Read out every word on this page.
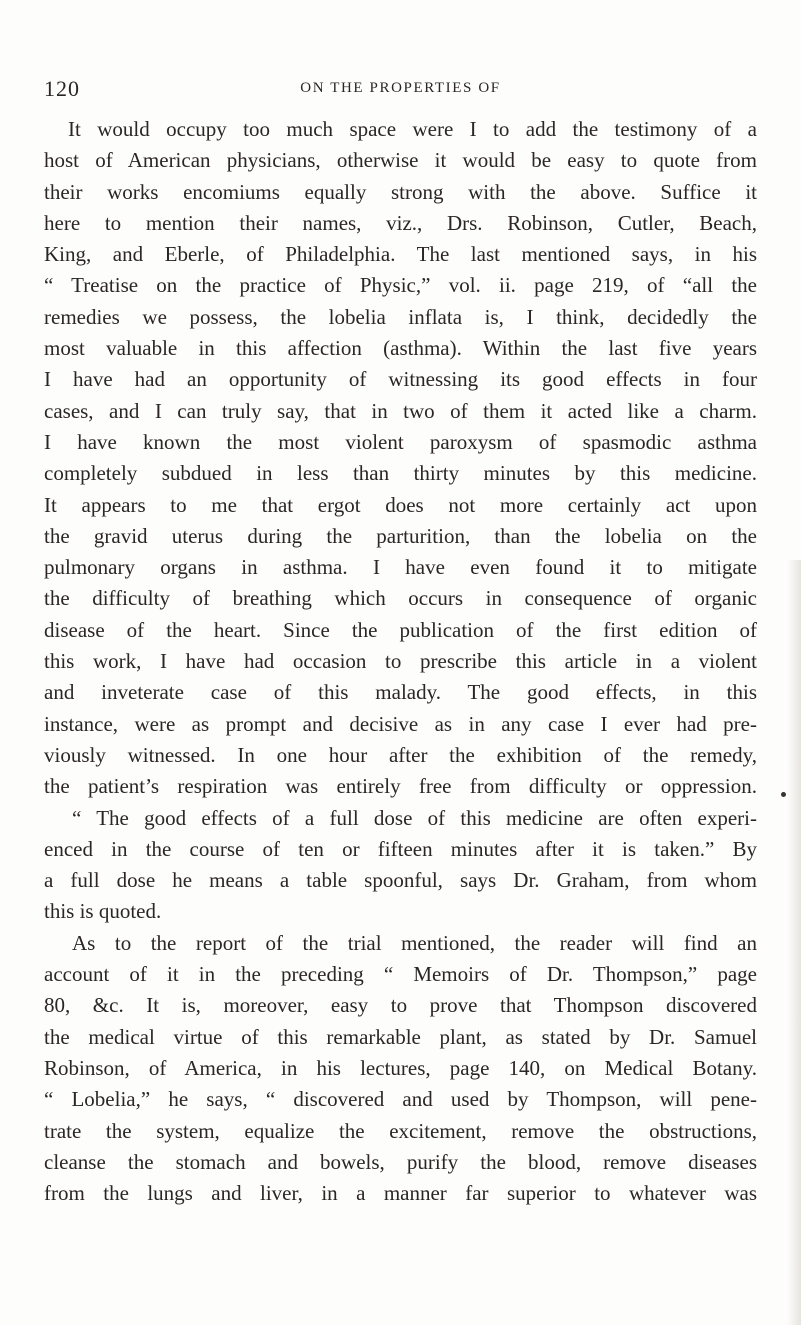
120	ON THE PROPERTIES OF
It would occupy too much space were I to add the testimony of a
host of American physicians, otherwise it would be easy to quote from
their works encomiums equally strong with the above. Suffice it
here to mention their names, viz., Drs. Robinson, Cutler, Beach,
King, and Eberle, of Philadelphia. The last mentioned says, in his
“ Treatise on the practice of Physic,” vol. ii. page 219, of “all the
remedies we possess, the lobelia inflata is, I think, decidedly the
most valuable in this affection (asthma). Within the last five years
I have had an opportunity of witnessing its good effects in four
cases, and I can truly say, that in two of them it acted like a charm.
I have known the most violent paroxysm of spasmodic asthma
completely subdued in less than thirty minutes by this medicine.
It appears to me that ergot does not more certainly act upon
the gravid uterus during the parturition, than the lobelia on the
pulmonary organs in asthma. I have even found it to mitigate
the difficulty of breathing which occurs in consequence of organic
disease of the heart. Since the publication of the first edition of
this work, I have had occasion to prescribe this article in a violent
and inveterate case of this malady. The good effects, in this
instance, were as prompt and decisive as in any case I ever had pre-
viously witnessed. In one hour after the exhibition of the remedy,
the patient’s respiration was entirely free from difficulty or oppression.
“ The good effects of a full dose of this medicine are often experi-
enced in the course of ten or fifteen minutes after it is taken.” By
a full dose he means a table spoonful, says Dr. Graham, from whom
this is quoted.
As to the report of the trial mentioned, the reader will find an
account of it in the preceding “ Memoirs of Dr. Thompson,” page
80, &c. It is, moreover, easy to prove that Thompson discovered
the medical virtue of this remarkable plant, as stated by Dr. Samuel
Robinson, of America, in his lectures, page 140, on Medical Botany.
“ Lobelia,” he says, “ discovered and used by Thompson, will pene-
trate the system, equalize the excitement, remove the obstructions,
cleanse the stomach and bowels, purify the blood, remove diseases
from the lungs and liver, in a manner far superior to whatever was
